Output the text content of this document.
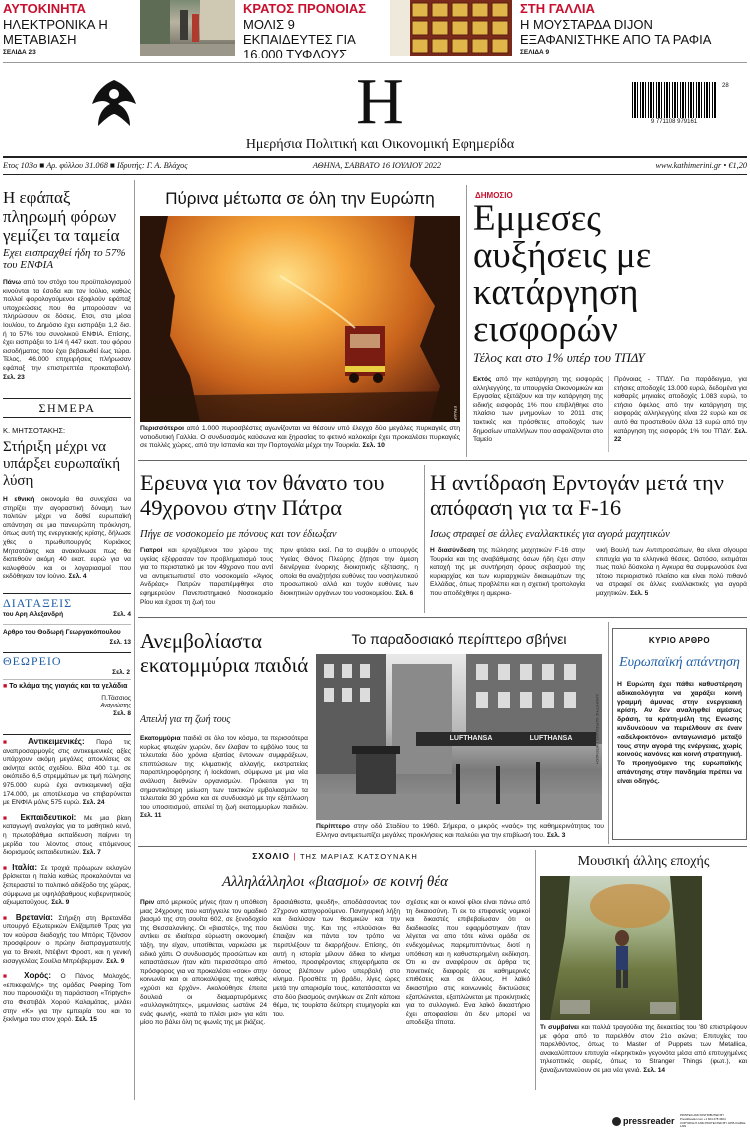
ΑΥΤΟΚΙΝΗΤΑ
ΗΛΕΚΤΡΟΝΙΚΑ Η ΜΕΤΑΒΙΑΣΗ
ΣΕΛΙΔΑ 23
ΚΡΑΤΟΣ ΠΡΟΝΟΙΑΣ
ΜΟΛΙΣ 9 ΕΚΠΑΙΔΕΥΤΕΣ ΓΙΑ 16.000 ΤΥΦΛΟΥΣ
ΣΤΗ ΓΑΛΛΙΑ
Η ΜΟΥΣΤΑΡΔΑ DIJON ΕΞΑΦΑΝΙΣΤΗΚΕ ΑΠΟ ΤΑ ΡΑΦΙΑ
ΣΕΛΙΔΑ 9
Η
Ημερήσια Πολιτική και Οικονομική Εφημερίδα
9 771108 979161
28
Ετος 103ο ■ Αρ. φύλλου 31.068 ■ Ιδρυτής: Γ. Α. Βλάχος	ΑΘΗΝΑ, ΣΑΒΒΑΤΟ 16 ΙΟΥΛΙΟΥ 2022	www.kathimerini.gr • €1,20
Η εφάπαξ πληρωμή φόρων γεμίζει τα ταμεία
Εχει εισπραχθεί ήδη το 57% του ΕΝΦΙΑ
Πάνω από τον στόχο του προϋπολογισμού κινούνται τα έσοδα και τον Ιούλιο, καθώς πολλοί φορολογούμενοι εξοφλούν εφάπαξ υποχρεώσεις που θα μπορούσαν να πληρώσουν σε δόσεις. Ετσι, στα μέσα Ιουλίου, το Δημόσιο έχει εισπράξει 1,2 δισ. ή το 57% του συνολικού ΕΝΦΙΑ. Επίσης, έχει εισπράξει το 1/4 ή 447 εκατ. του φόρου εισοδήματος που έχει βεβαιωθεί έως τώρα. Τέλος, 46.000 επιχειρήσεις πλήρωσαν εφάπαξ την επιστρεπτέα προκαταβολή. Σελ. 23
ΣΗΜΕΡΑ
Κ. ΜΗΤΣΟΤΑΚΗΣ:
Στήριξη μέχρι να υπάρξει ευρωπαϊκή λύση
Η εθνική οικονομία θα συνεχίσει να στηρίζει την αγοραστική δύναμη των πολιτών μέχρι να δοθεί ευρωπαϊκή απάντηση σε μια πανευρώπη πρόκληση, όπως αυτή της ενεργειακής κρίσης, δήλωσε χθες ο πρωθυπουργός Κυριάκος Μητσοτάκης και ανακοίνωσε πως θα διατεθούν ακόμη 40 εκατ. ευρώ για να καλυφθούν και οι λογαριασμοί που εκδόθηκαν τον Ιούνιο. Σελ. 4
ΔΙΑΤΑΞΕΙΣ
του Αρη Αλεξανδρή	Σελ. 4
Αρθρο του Θοδωρή Γεωργακόπουλου
Σελ. 13
ΘΕΩΡΕΙΟ
Σελ. 2
■ Το κλάμα της γιαγιάς και τα γελάδια
Π.Τάσσιος
Αναγνώστης
Σελ. 8
■ Αντικειμενικές: Παρά τις αναπροσαρμογές στις αντικειμενικές αξίες υπάρχουν ακόμη μεγάλες αποκλίσεις σε ακίνητα εκτός σχεδίου. Βίλα 400 τ.μ. σε οικόπεδο 6,5 στρεμμάτων με τιμή πώλησης 975.000 ευρώ έχει αντικειμενική αξία 174.000, με αποτέλεσμα να επιβαρύνεται με ΕΝΦΙΑ μόλις 575 ευρώ. Σελ. 24
■ Εκπαιδευτικοί: Με μια βίαιη καταγωγή αναλογίας για το μαθητικό κενό, η πρωτοβάθμια εκπαίδευση παίρνει τη μερίδα του λέοντος στους επόμενους διορισμούς εκπαιδευτικών. Σελ. 7
■ Ιταλία: Σε τροχιά πρόωρων εκλογών βρίσκεται η Ιταλία καθώς προκαλούνται να ξεπεραστεί το πολιτικό αδιέξοδο της χώρας, σύμφωνα με υψηλόβαθμους κυβερνητικούς αξιωματούχους. Σελ. 9
■ Βρετανία: Στήριξη στη Βρετανίδα υπουργό Εξωτερικών Ελίζαμπεθ Τρας για τον κούρσα διαδοχής του Μπόρις Τζόνσον προσφέρουν ο πρώην διαπραγματευτής για το Brexit, Ντέιβιντ Φροστ, και η γενική εισαγγελέας Σουέλα Μπρέιβερμαν. Σελ. 9
■ Χορός: Ο Πάνος Μολοχός, «επικεφαλής» της ομάδας Peeping Tom που παρουσιάζει τη παράσταση «Triptych» στο Φεστιβάλ Χορού Καλαμάτας, μιλάει στην «Κ» για την εμπειρία του και το ξεκίνημα του στον χορό. Σελ. 15
Πύρινα μέτωπα σε όλη την Ευρώπη
EPA/AP
Περισσότεροι από 1.000 πυροσβέστες αγωνίζονται να θέσουν υπό έλεγχο δύο μεγάλες πυρκαγιές στη νοτιοδυτική Γαλλία. Ο συνδυασμός καύσωνα και ξηρασίας το φετινό καλοκαίρι έχει προκαλέσει πυρκαγιές σε πολλές χώρες, από την Ισπανία και την Πορτογαλία μέχρι την Τουρκία. Σελ. 10
ΔΗΜΟΣΙΟ
Εμμεσες αυξήσεις με κατάργηση εισφορών
Τέλος και στο 1% υπέρ του ΤΠΔΥ
Εκτός από την κατάργηση της εισφοράς αλληλεγγύης, τα υπουργεία Οικονομικών και Εργασίας εξετάζουν και την κατάργηση της ειδικής εισφοράς 1% που επιβλήθηκε στο πλαίσιο των μνημονίων το 2011 στις τακτικές και πρόσθετες αποδοχές των δημοσίων υπαλλήλων που ασφαλίζονται στο Ταμείο
Πρόνοιας - ΤΠΔΥ. Για παράδειγμα, για ετήσιες αποδοχές 13.000 ευρώ, δεδομένα για καθαρές μηνιαίες αποδοχές 1.083 ευρώ, το ετήσιο όφελος από την κατάργηση της εισφοράς αλληλεγγύης είναι 22 ευρώ και σε αυτό θα προστεθούν άλλα 13 ευρώ από την κατάργηση της εισφοράς 1% του ΤΠΔΥ. Σελ. 22
Ερευνα για τον θάνατο του 49χρονου στην Πάτρα
Πήγε σε νοσοκομείο με πόνους και τον έδιωξαν
Γιατροί και εργαζόμενοι του χώρου της υγείας εξέφρασαν τον προβληματισμό τους για το περιστατικό με τον 49χρονο που αντί να αντιμετωπιστεί στο νοσοκομείο «Άγιος Ανδρέας» Πατρών παραπέμφθηκε στο εφημερεύον Πανεπιστημιακό Νοσοκομείο Ρίου και έχασε τη ζωή του
πριν φτάσει εκεί. Για το συμβάν ο υπουργός Υγείας Θάνος Πλεύρης ζήτησε την άμεση διενέργεια ένορκης διοικητικής εξέτασης, η οποία θα αναζητήσει ευθύνες του νοσηλευτικού προσωπικού αλλά και τυχόν ευθύνες των διοικητικών οργάνων του νοσοκομείου. Σελ. 6
Η αντίδραση Ερντογάν μετά την απόφαση για τα F-16
Ισως στραφεί σε άλλες εναλλακτικές για αγορά μαχητικών
Η διασύνδεση της πώλησης μαχητικών F-16 στην Τουρκία και της αναβάθμισης όσων ήδη έχει στην κατοχή της με συντήρηση όρους σεβασμού της κυριαρχίας και των κυριαρχικών δικαιωμάτων της Ελλάδας, όπως προβλέπει και η σχετική τροπολογία που αποδέχθηκε η αμερικα-
νική Βουλή των Αντιπροσώπων, θα είναι σίγουρα επιτυχία για τα ελληνικά θέσεις. Ωστόσο, εκτιμάται πως πολύ δύσκολα η Αγκυρα θα συμφωνούσε ένα τέτοιο περιοριστικό πλαίσιο και είναι πολύ πιθανό να στραφεί σε άλλες εναλλακτικές για αγορά μαχητικών. Σελ. 5
Ανεμβολίαστα εκατομμύρια παιδιά
Απειλή για τη ζωή τους
Εκατομμύρια παιδιά σε όλο τον κόσμο, τα περισσότερα κυρίως φτωχών χωρών, δεν έλαβαν το εμβόλιο τους τα τελευταία δύο χρόνια εξαιτίας έντονων συμφράξεων, επιπτώσεων της κλιματικής αλλαγής, εκστρατείας παραπληροφόρησης ή lockdown, σύμφωνα με μια νέα ανάλυση διεθνών οργανισμών. Πρόκειται για τη σημαντικότερη μείωση των τακτικών εμβολιασμών τα τελευταία 30 χρόνια και σε συνδυασμό με την εξάπλωση του υποσιτισμού, απειλεί τη ζωή εκατομμυρίων παιδιών. Σελ. 11
Το παραδοσιακό περίπτερο σβήνει
LUFTHANSA	LUFTHANSA	ΔΗΜΗΤΡΗΣ ΧΑΡΙΣΙΑΔΗΣ / ΜΠΕΝΑΚΗ
Περίπτερο στην οδό Σταδίου το 1960. Σήμερα, ο μικρός «ναός» της καθημερινότητας του Ελληνα αντιμετωπίζει μεγάλες προκλήσεις και παλεύει για την επιβίωσή του. Σελ. 3
ΚΥΡΙΟ ΑΡΘΡΟ
Ευρωπαϊκή απάντηση
Η Ευρώπη έχει πάθει καθυστέρηση αδικαιολόγητα να χαράξει κοινή γραμμή άμυνας στην ενεργειακή κρίση. Αν δεν αναληφθεί αμέσως δράση, τα κράτη-μέλη της Ενωσης κινδυνεύουν να περιέλθουν σε έναν «αδελφοκτόνο» ανταγωνισμό μεταξύ τους στην αγορά της ενέργειας, χωρίς κοινούς κανόνες και κοινή στρατηγική. Το προηγούμενο της ευρωπαϊκής απάντησης στην πανδημία πρέπει να είναι οδηγός.
ΣΧΟΛΙΟ | ΤΗΣ ΜΑΡΙΑΣ ΚΑΤΣΟΥΝΑΚΗ
Αλληλάλληλοι «βιασμοί» σε κοινή θέα
Πριν από μερικούς μήνες ήταν η υπόθεση μιας 24χρονης που κατήγγειλε τον ομαδικό βιασμό της στη σουίτα 602, σε ξενοδοχείο της Θεσσαλονίκης. Οι «βιαστές», της που αντίκει σε ιδιαίτερα εύρωστη οικονομική τάξη, την είχαν, υποτίθεται, ναρκώσει με ειδικό χάπι. Ο συνδυασμός προσώπων και καταστάσεων ήταν κάτι περισσότερο από πρόσφορος για να προκαλέσει «σοκ» στην κοινωνία και οι αποκαλύψεις της καθώς «χρύσι κα έρχόν». Ακολούθησε έπειτα δουλειά οι διαμαρτυρόμενες «συλλογικότητες», μεμυνίσεις ωστάνε 24 ενάς φωνής, «κατά το πλέσι μισ» για κάτι μίσο πο βάλει όλη τις φωνές της με βιάζεις.
δρασιάθεστα, ψευδῆ», αποδάσσοντας τον 27χρονο κατηγορούμενο. Πανηγυρική λήξη και διαλύσαν των θεσμικών και την διαλύσει της. Και της «πλούσιοι» θα έπαιζαν και πάντα τον τρόπο να περιπλέξουν τα διαρρήξουν. Επίσης, ότι αυτή η ιστορία μίλουν άδικα το κίνημα #metoo, προσφέροντας επιχειρήματα σε όσους βλέπουν μόνο υπερβολή στο κίνημα. Προσθέτε τη βράδυ, λίγες ώρες μετά την απαρισμία τους, κατατάσσεται να στο δύο βιασμούς ανηλίκων σε Ζιτίτ κάποια θέμα, τις τουρίστα δεύτερη ετυμηγορία και του.
σχέσεις και οι κοινοί φίλοι είναι πάνω από τη δικαιοσύνη. Τι εκ το επιφανείς νομικοί και δικαστές επιβεβαίωσαν ότι οι διαδικασίες που εφαρμόστηκαν ήταν λέγεται να απο τότε κάνει ομάδα σε ενδεχομένως παρεμπιπτόντως διοτί η υπόθεση και η καθυστερημένη εκδίκηση. Ότι κι αν αναφέρουν σε άρθρα τις πονετικές διαφορές σε καθημερινές επιθέσεις και σε άλλους. Η λαϊκό δικαστήριο στις κοινωνικές δικτυώσεις εξαπλώνεται, εξαπλώνεται με προκλητικές για το συλλογικό. Ενα λαϊκό δικαστήριο έχει αποφασίσει ότι δεν μπορεί να αποδείξει τίποτα.
Μουσική άλλης εποχής
Τι συμβαίνει και πολλά τραγούδια της δεκαετίας του '80 επιστρέφουν με φόρα από το παρελθόν στον 21ο αιώνα; Επιτυχίες του παρελθόντος, όπως το Master of Puppets των Metallica, ανακαλύπτουν επιτυχία «έκρηκτικά» γεγονότα μέσα από επιτυχημένες τηλεοπτικές σειρές, όπως το Stranger Things (φωτ.), και ξαναζωντανεύουν σε μια νέα γενιά. Σελ. 14
pressreader
PRINTED AND DISTRIBUTED BY
PressReader.com +1 604 278 4604
COPYRIGHT AND PROTECTED BY APPLICABLE LAW
